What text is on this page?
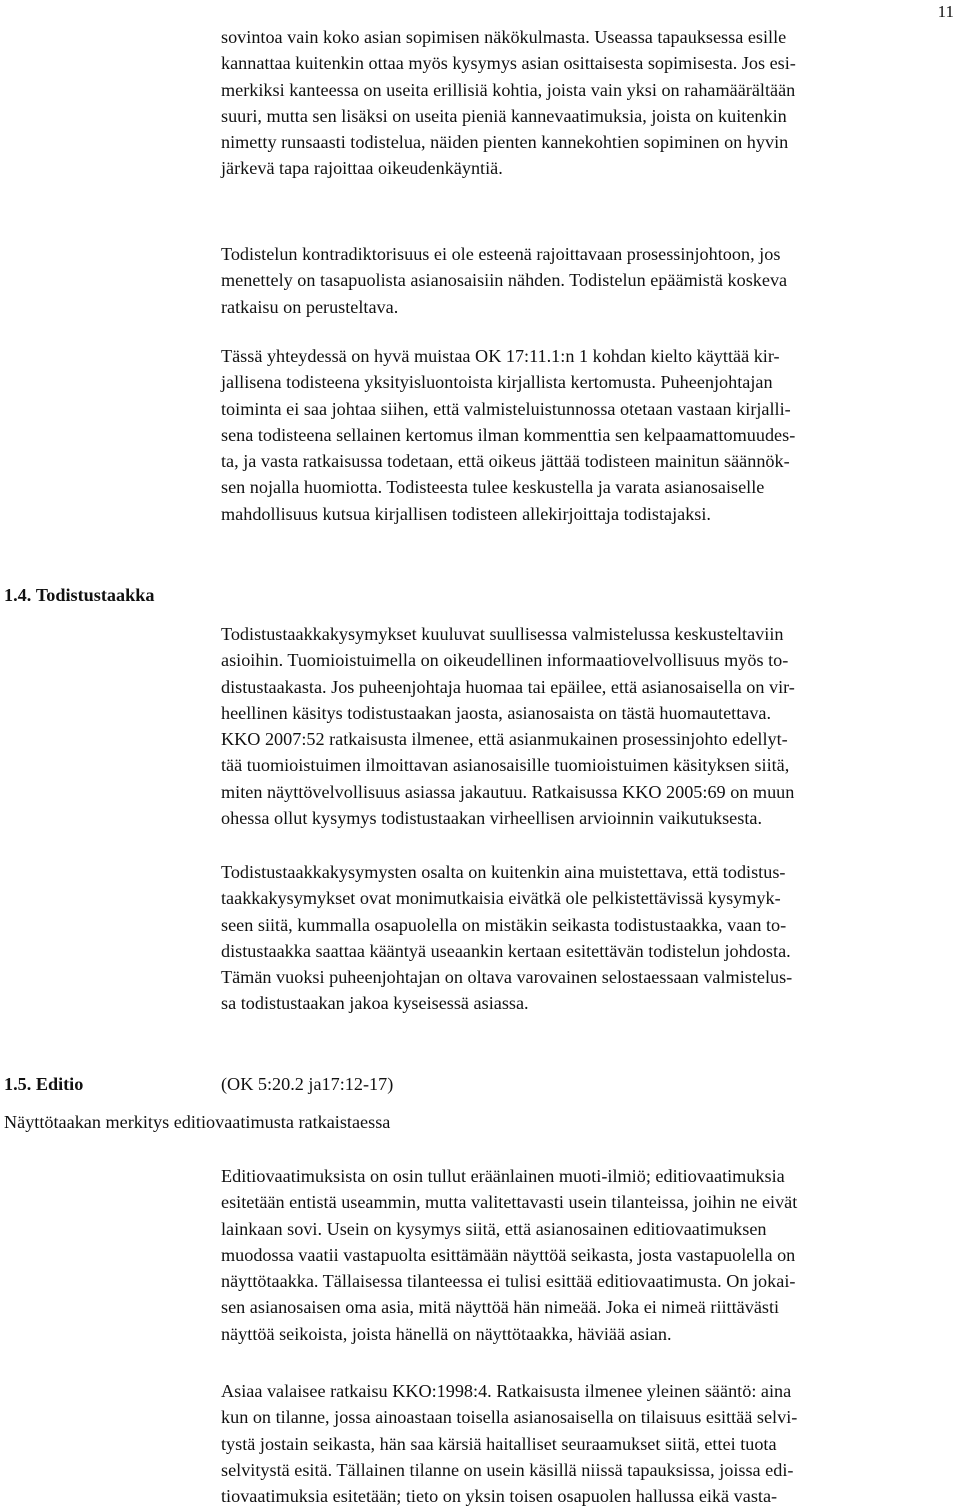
11
sovintoa vain koko asian sopimisen näkökulmasta. Useassa tapauksessa esille
kannattaa kuitenkin ottaa myös kysymys asian osittaisesta sopimisesta. Jos esi-
merkiksi kanteessa on useita erillisiä kohtia, joista vain yksi on rahamäärältään
suuri, mutta sen lisäksi on useita pieniä kannevaatimuksia, joista on kuitenkin
nimetty runsaasti todistelua, näiden pienten kannekohtien sopiminen on hyvin
järkevä tapa rajoittaa oikeudenkäyntiä.
Todistelun kontradiktorisuus ei ole esteenä rajoittavaan prosessinjohtoon, jos
menettely on tasapuolista asianosaisiin nähden. Todistelun epäämistä koskeva
ratkaisu on perusteltava.
Tässä yhteydessä on hyvä muistaa OK 17:11.1:n 1 kohdan kielto käyttää kir-
jallisena todisteena yksityisluontoista kirjallista kertomusta. Puheenjohtajan
toiminta ei saa johtaa siihen, että valmisteluistunnossa otetaan vastaan kirjalli-
sena todisteena sellainen kertomus ilman kommenttia sen kelpaamattomuudes-
ta, ja vasta ratkaisussa todetaan, että oikeus jättää todisteen mainitun säännök-
sen nojalla huomiotta. Todisteesta tulee keskustella ja varata asianosaiselle
mahdollisuus kutsua kirjallisen todisteen allekirjoittaja todistajaksi.
1.4. Todistustaakka
Todistustaakkakysymykset kuuluvat suullisessa valmistelussa keskusteltaviin
asioihin. Tuomioistuimella on oikeudellinen informaatiovelvollisuus myös to-
distustaakasta. Jos puheenjohtaja huomaa tai epäilee, että asianosaisella on vir-
heellinen käsitys todistustaakan jaosta, asianosaista on tästä huomautettava.
KKO 2007:52 ratkaisusta ilmenee, että asianmukainen prosessinjohto edellyt-
tää tuomioistuimen ilmoittavan asianosaisille tuomioistuimen käsityksen siitä,
miten näyttövelvollisuus asiassa jakautuu. Ratkaisussa KKO 2005:69 on muun
ohessa ollut kysymys todistustaakan virheellisen arvioinnin vaikutuksesta.
Todistustaakkakysymysten osalta on kuitenkin aina muistettava, että todistus-
taakkakysymykset ovat monimutkaisia eivätkä ole pelkistettävissä kysymyk-
seen siitä, kummalla osapuolella on mistäkin seikasta todistustaakka, vaan to-
distustaakka saattaa kääntyä useaankin kertaan esitettävän todistelun johdosta.
Tämän vuoksi puheenjohtajan on oltava varovainen selostaessaan valmistelus-
sa todistustaakan jakoa kyseisessä asiassa.
1.5. Editio	(OK 5:20.2 ja17:12-17)
Näyttötaakan merkitys editiovaatimusta ratkaistaessa
Editiovaatimuksista on osin tullut eräänlainen muoti-ilmiö; editiovaatimuksia
esitetään entistä useammin, mutta valitettavasti usein tilanteissa, joihin ne eivät
lainkaan sovi. Usein on kysymys siitä, että asianosainen editiovaatimuksen
muodossa vaatii vastapuolta esittämään näyttöä seikasta, josta vastapuolella on
näyttötaakka. Tällaisessa tilanteessa ei tulisi esittää editiovaatimusta. On jokai-
sen asianosaisen oma asia, mitä näyttöä hän nimeää. Joka ei nimeä riittävästi
näyttöä seikoista, joista hänellä on näyttötaakka, häviää asian.
Asiaa valaisee ratkaisu KKO:1998:4. Ratkaisusta ilmenee yleinen sääntö: aina
kun on tilanne, jossa ainoastaan toisella asianosaisella on tilaisuus esittää selvi-
tystä jostain seikasta, hän saa kärsiä haitalliset seuraamukset siitä, ettei tuota
selvitystä esitä. Tällainen tilanne on usein käsillä niissä tapauksissa, joissa edi-
tiovaatimuksia esitetään; tieto on yksin toisen osapuolen hallussa eikä vasta-
